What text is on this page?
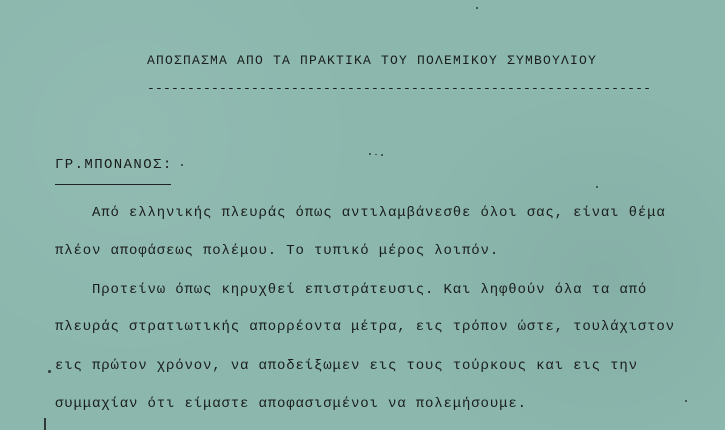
ΑΠΟΣΠΑΣΜΑ ΑΠΟ ΤΑ ΠΡΑΚΤΙΚΑ ΤΟΥ ΠΟΛΕΜΙΚΟΥ ΣΥΜΒΟΥΛΙΟΥ
---------------------------------------------------------------
ΓΡ.ΜΠΟΝΑΝΟΣ:
Από ελληνικής πλευράς όπως αντιλαμβάνεσθε όλοι σας, είναι θέμα
πλέον αποφάσεως πολέμου. Το τυπικό μέρος λοιπόν.
Προτείνω όπως κηρυχθεί επιστράτευσις. Και ληφθούν όλα τα από
πλευράς στρατιωτικής απορρέοντα μέτρα, εις τρόπον ώστε, τουλάχιστον
εις πρώτον χρόνον, να αποδείξωμεν εις τους τούρκους και εις την
συμμαχίαν ότι είμαστε αποφασισμένοι να πολεμήσουμε.
